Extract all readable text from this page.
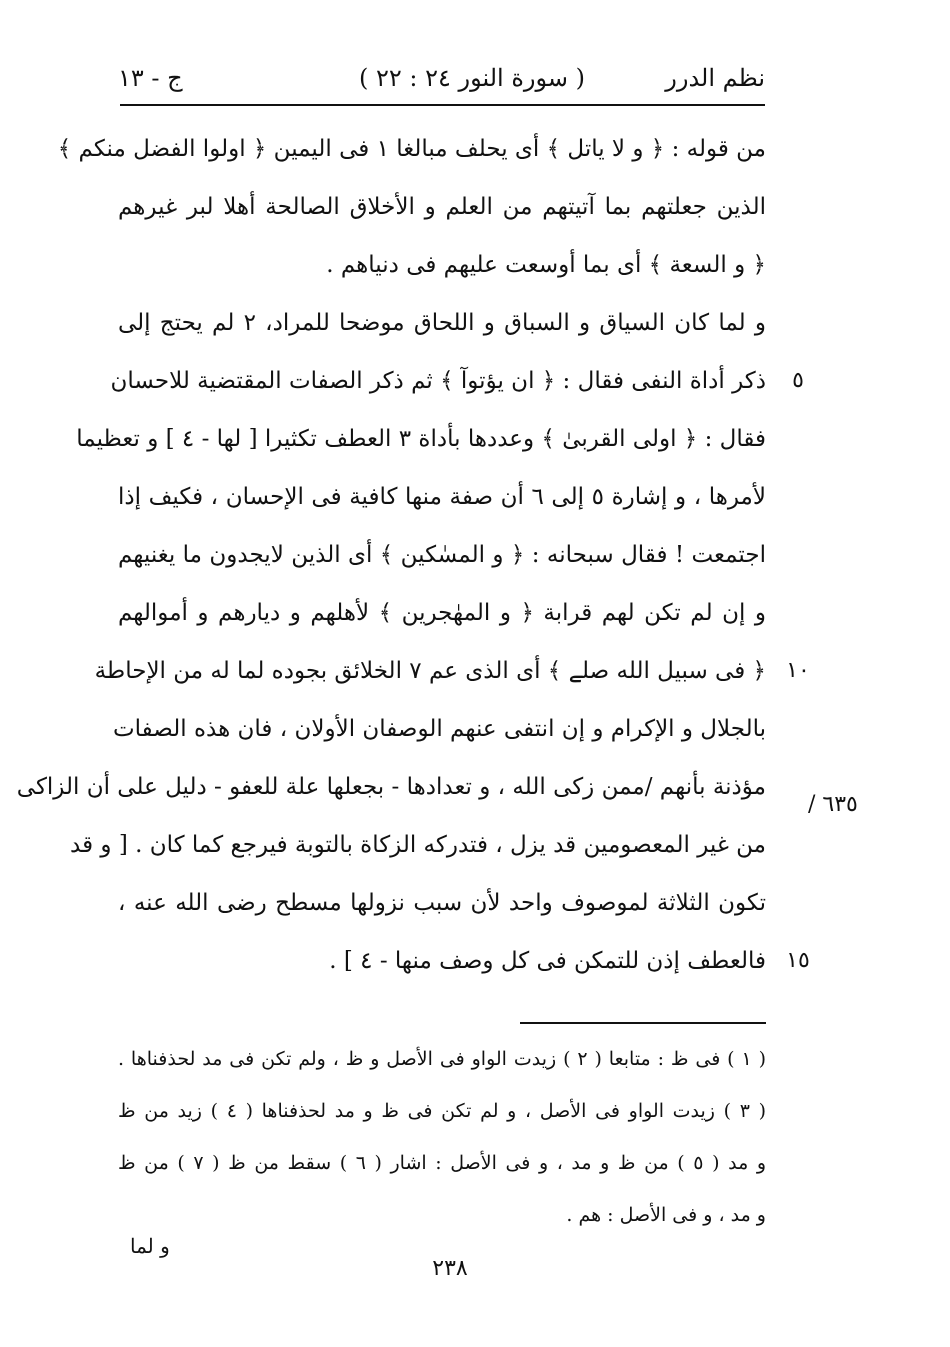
نظم الدرر
( سورة النور ٢٤ : ٢٢ )
ج - ١٣
من قوله : ﴿ و لا ياتل ﴾ أى يحلف مبالغا ١ فى اليمين ﴿ اولوا الفضل منكم ﴾
الذين جعلتهم بما آتيتهم من العلم و الأخلاق الصالحة أهلا لبر غيرهم
﴿ و السعة ﴾ أى بما أوسعت عليهم فى دنياهم .
و لما كان السياق و السباق و اللحاق موضحا للمراد، ٢ لم يحتج إلى
ذكر أداة النفى فقال : ﴿ ان يؤتوآ ﴾ ثم ذكر الصفات المقتضية للاحسان
فقال : ﴿ اولى القربىٰ ﴾ وعددها بأداة ٣ العطف تكثيرا [ لها - ٤ ] و تعظيما
لأمرها ، و إشارة ٥ إلى ٦ أن صفة منها كافية فى الإحسان ، فكيف إذا
اجتمعت ! فقال سبحانه : ﴿ و المسٰكين ﴾ أى الذين لايجدون ما يغنيهم
و إن لم تكن لهم قرابة ﴿ و المهٰجرين ﴾ لأهلهم و ديارهم و أموالهم
﴿ فى سبيل الله صلے ﴾ أى الذى عم ٧ الخلائق بجوده لما له من الإحاطة
بالجلال و الإكرام و إن انتفى عنهم الوصفان الأولان ، فان هذه الصفات
مؤذنة بأنهم /ممن زكى الله ، و تعدادها - بجعلها علة للعفو - دليل على أن الزاكى
من غير المعصومين قد يزل ، فتدركه الزكاة بالتوبة فيرجع كما كان . [ و قد
تكون الثلاثة لموصوف واحد لأن سبب نزولها مسطح رضى الله عنه ،
فالعطف إذن للتمكن فى كل وصف منها - ٤ ] .
٥
١٠
١٥
٦٣٥ /
( ١ ) فى ظ : متابعا ( ٢ ) زيدت الواو فى الأصل و ظ ، ولم تكن فى مد لحذفناها .
( ٣ ) زيدت الواو فى الأصل ، و لم تكن فى ظ و مد لحذفناها ( ٤ ) زيد من ظ
و مد ( ٥ ) من ظ و مد ، و فى الأصل : اشار ( ٦ ) سقط من ظ ( ٧ ) من ظ
و مد ، و فى الأصل : هم .
و لما
٢٣٨
